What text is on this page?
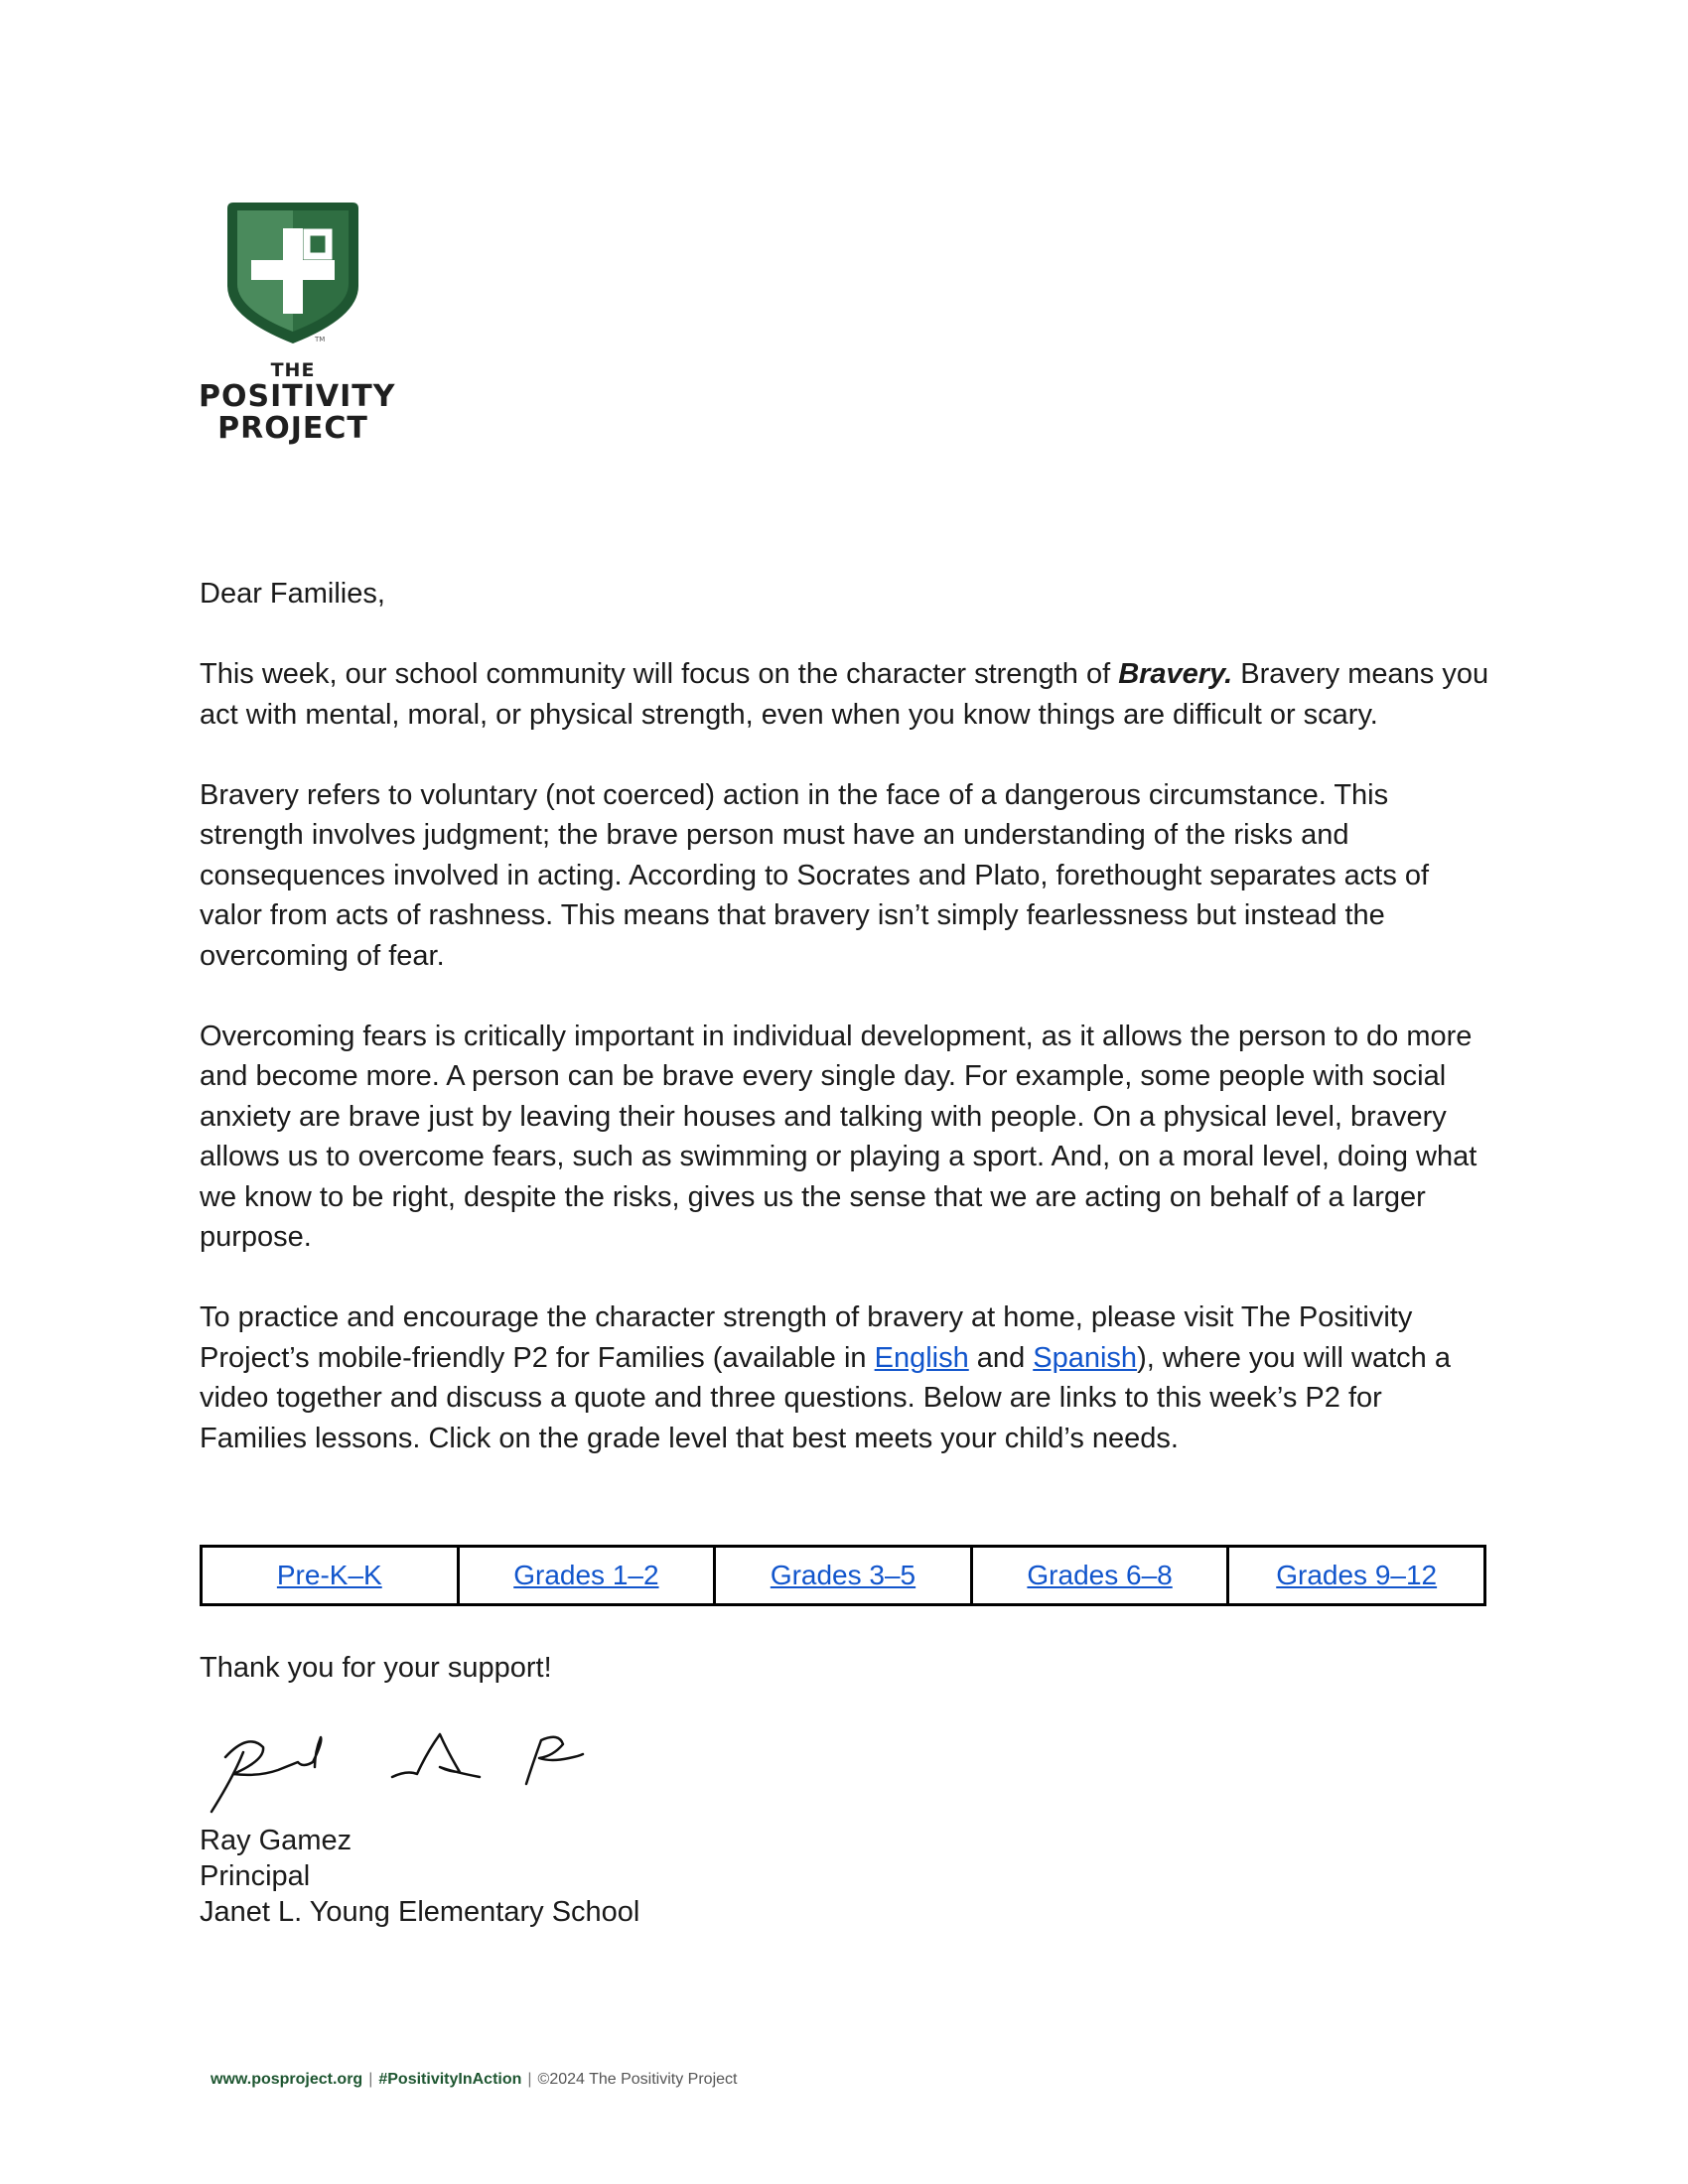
TM
THE
POSITIVITY
PROJECT

Dear Families,

This week, our school community will focus on the character strength of Bravery. Bravery means you act with mental, moral, or physical strength, even when you know things are difficult or scary.

Bravery refers to voluntary (not coerced) action in the face of a dangerous circumstance. This strength involves judgment; the brave person must have an understanding of the risks and consequences involved in acting. According to Socrates and Plato, forethought separates acts of valor from acts of rashness. This means that bravery isn’t simply fearlessness but instead the overcoming of fear.

Overcoming fears is critically important in individual development, as it allows the person to do more and become more. A person can be brave every single day. For example, some people with social anxiety are brave just by leaving their houses and talking with people. On a physical level, bravery allows us to overcome fears, such as swimming or playing a sport. And, on a moral level, doing what we know to be right, despite the risks, gives us the sense that we are acting on behalf of a larger purpose.

To practice and encourage the character strength of bravery at home, please visit The Positivity Project’s mobile-friendly P2 for Families (available in English and Spanish), where you will watch a video together and discuss a quote and three questions. Below are links to this week’s P2 for Families lessons. Click on the grade level that best meets your child’s needs.

Pre-K–K	Grades 1–2	Grades 3–5	Grades 6–8	Grades 9–12
Thank you for your support!
Ray Gamez
Principal
Janet L. Young Elementary School
www.posproject.org | #PositivityInAction | ©2024 The Positivity Project
